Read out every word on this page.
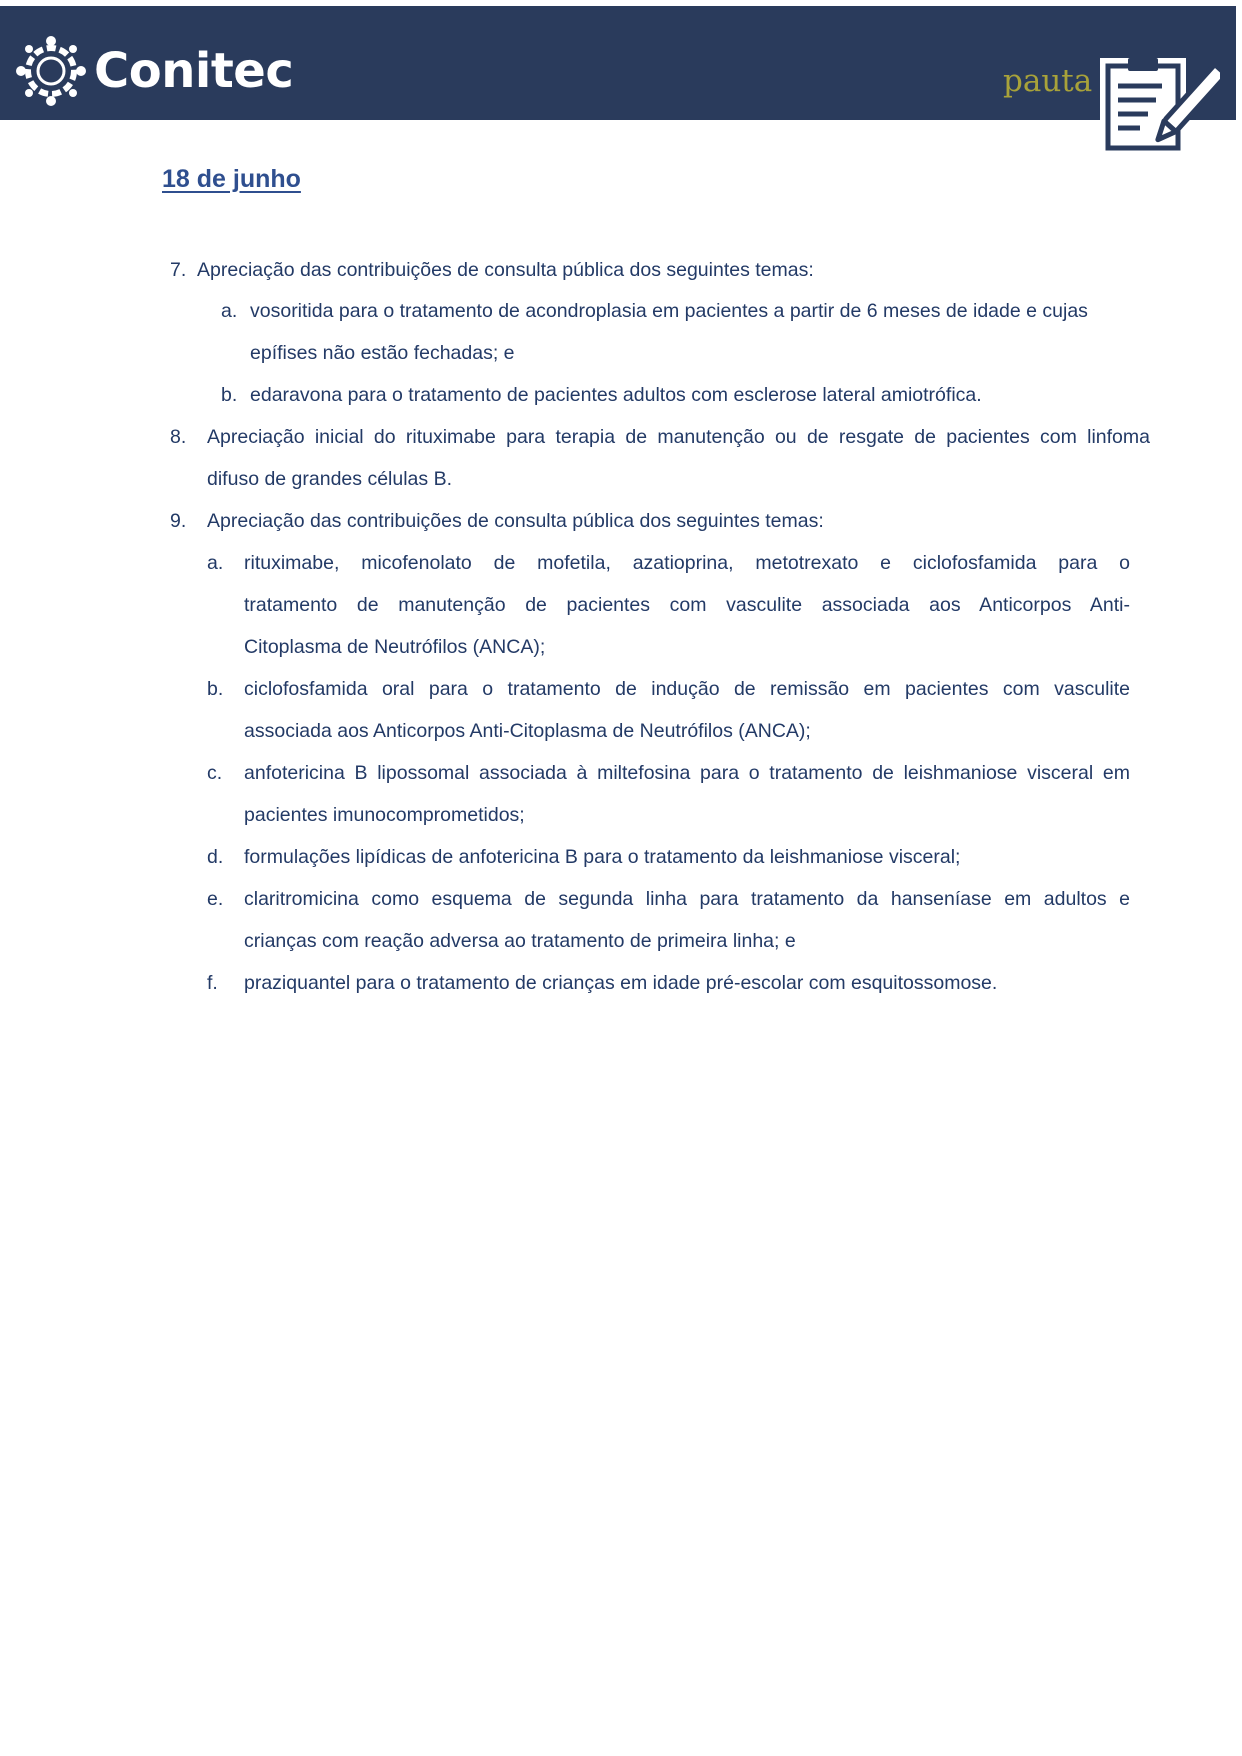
Conitec	pauta
18 de junho
7. Apreciação das contribuições de consulta pública dos seguintes temas:
a. vosoritida para o tratamento de acondroplasia em pacientes a partir de 6 meses de idade e cujas
epífises não estão fechadas; e
b. edaravona para o tratamento de pacientes adultos com esclerose lateral amiotrófica.
8. Apreciação inicial do rituximabe para terapia de manutenção ou de resgate de pacientes com linfoma
difuso de grandes células B.
9. Apreciação das contribuições de consulta pública dos seguintes temas:
a. rituximabe, micofenolato de mofetila, azatioprina, metotrexato e ciclofosfamida para o
tratamento de manutenção de pacientes com vasculite associada aos Anticorpos Anti-
Citoplasma de Neutrófilos (ANCA);
b. ciclofosfamida oral para o tratamento de indução de remissão em pacientes com vasculite
associada aos Anticorpos Anti-Citoplasma de Neutrófilos (ANCA);
c. anfotericina B lipossomal associada à miltefosina para o tratamento de leishmaniose visceral em
pacientes imunocomprometidos;
d. formulações lipídicas de anfotericina B para o tratamento da leishmaniose visceral;
e. claritromicina como esquema de segunda linha para tratamento da hanseníase em adultos e
crianças com reação adversa ao tratamento de primeira linha; e
f. praziquantel para o tratamento de crianças em idade pré-escolar com esquitossomose.
